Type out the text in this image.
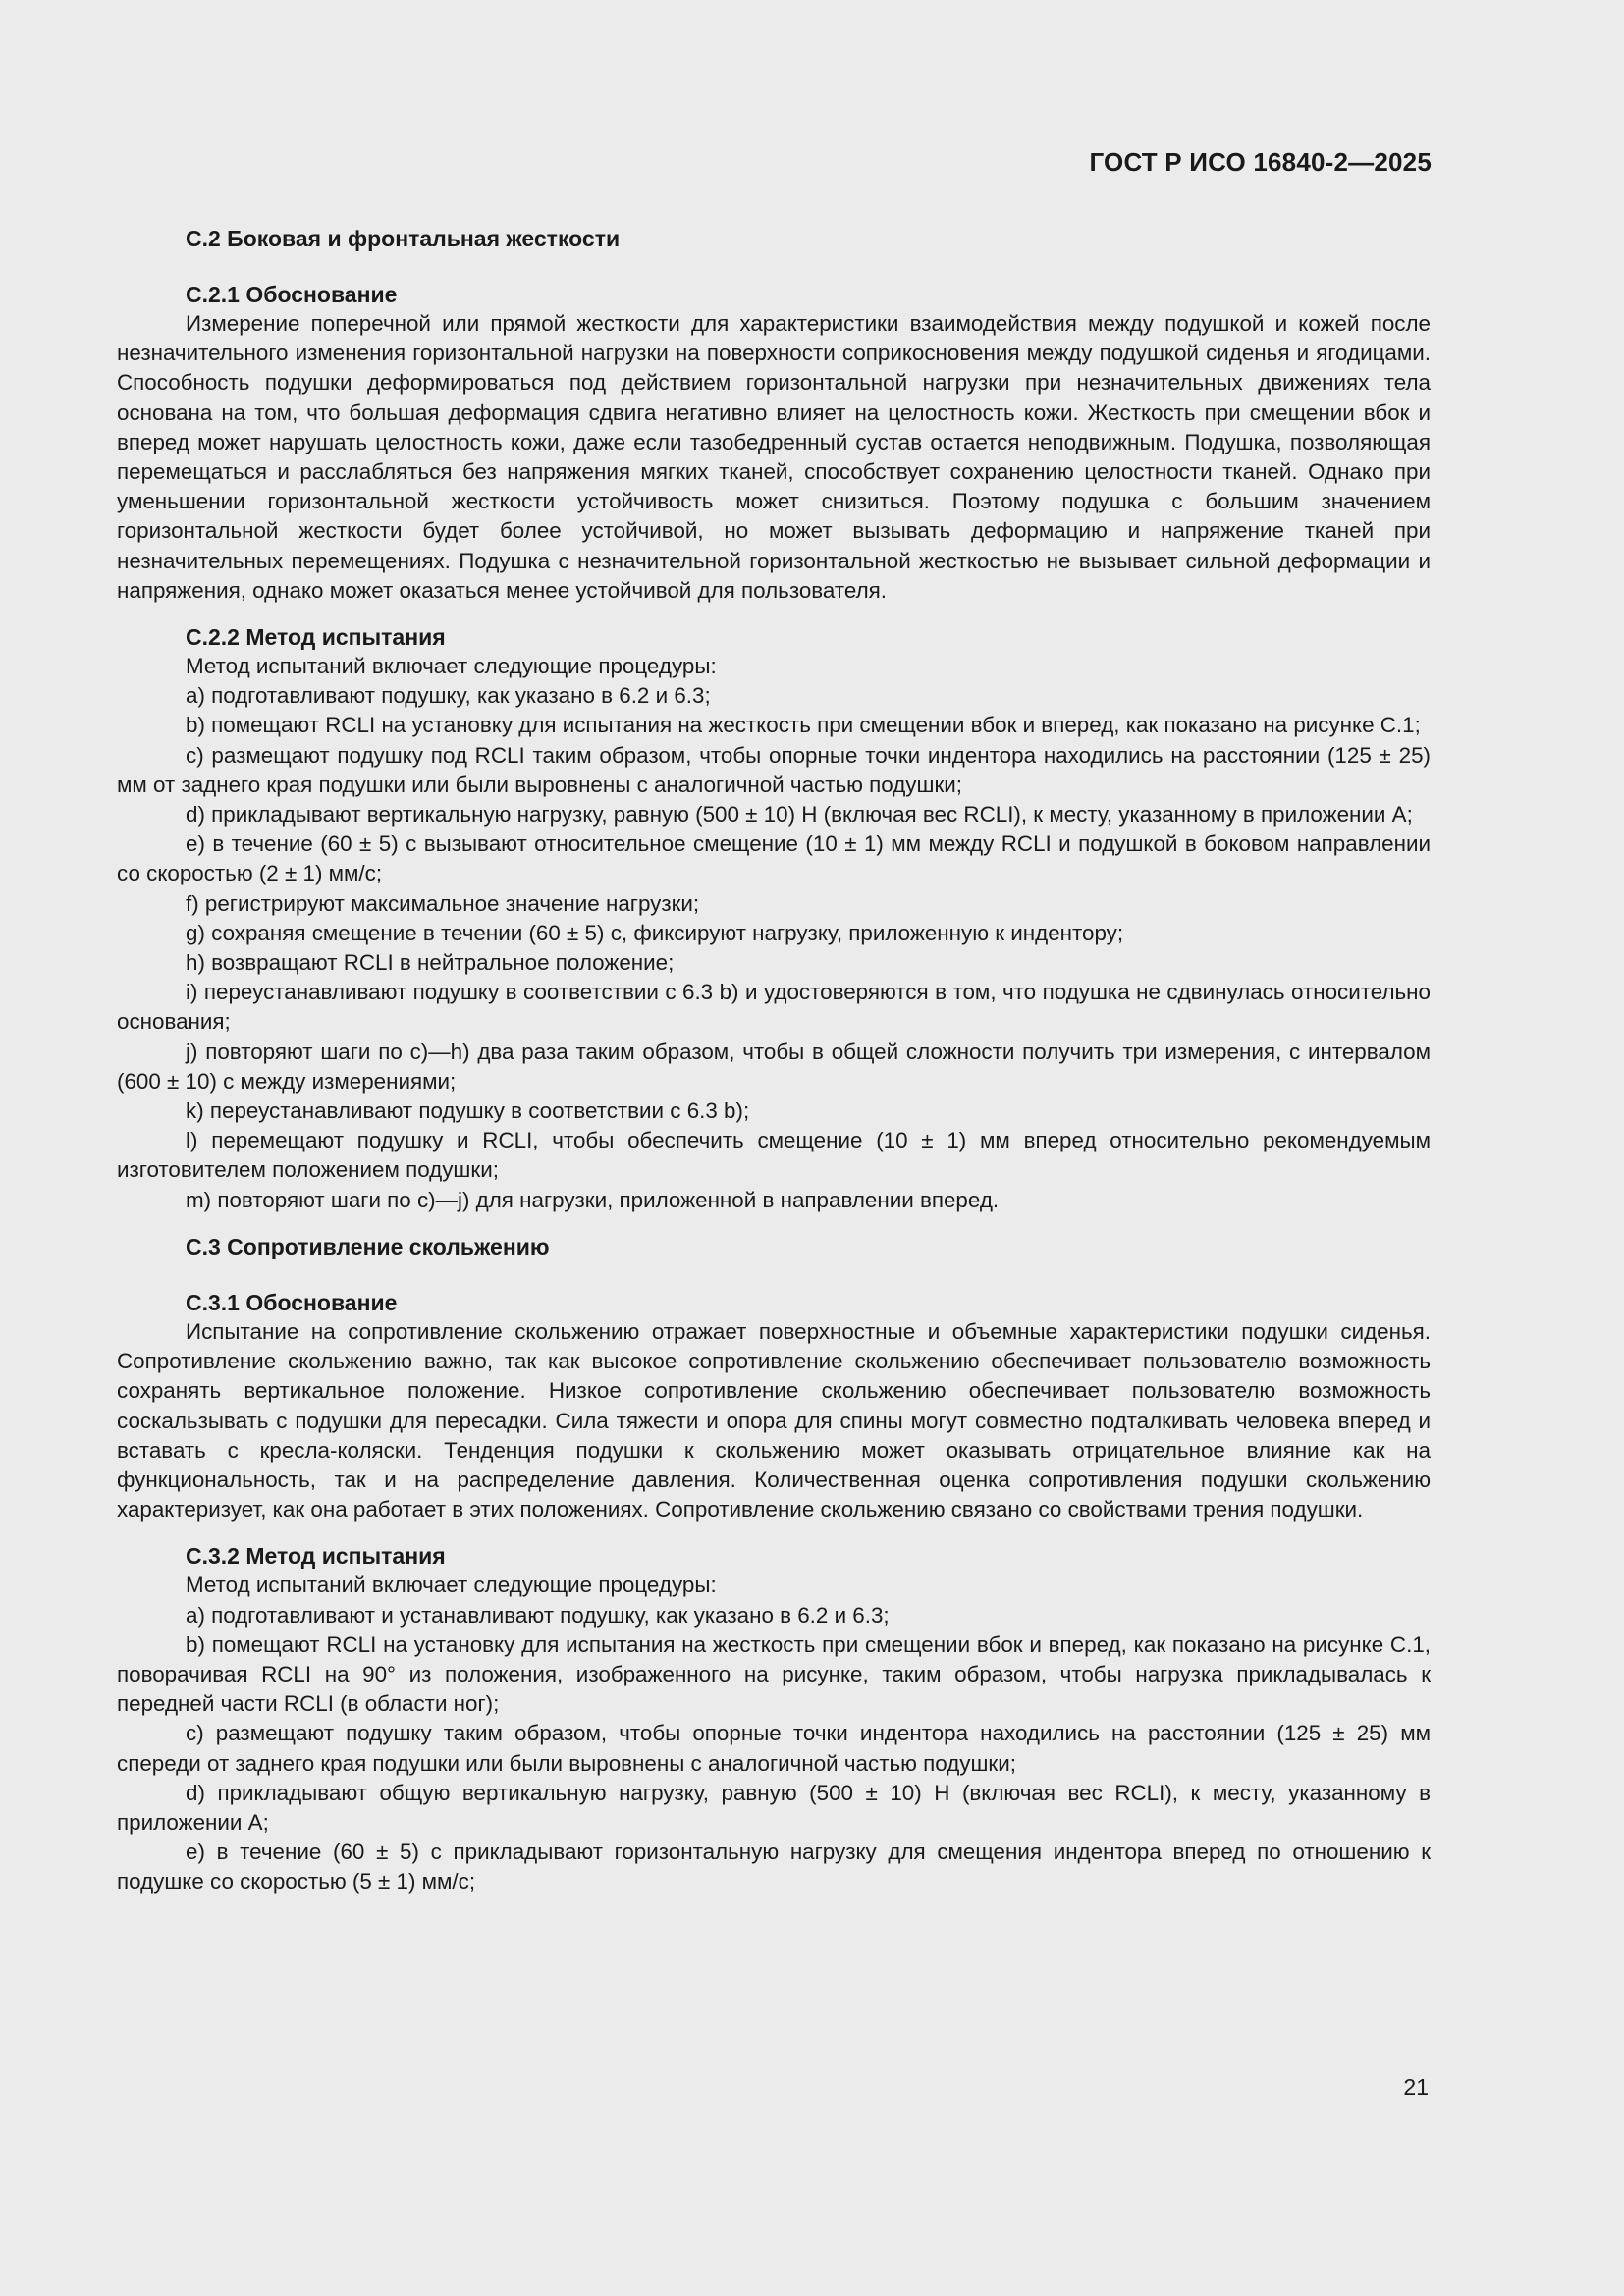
ГОСТ Р ИСО 16840-2—2025
С.2 Боковая и фронтальная жесткости
С.2.1 Обоснование

Измерение поперечной или прямой жесткости для характеристики взаимодействия между подушкой и кожей после незначительного изменения горизонтальной нагрузки на поверхности соприкосновения между подушкой сиденья и ягодицами. Способность подушки деформироваться под действием горизонтальной нагрузки при незначительных движениях тела основана на том, что большая деформация сдвига негативно влияет на целостность кожи. Жесткость при смещении вбок и вперед может нарушать целостность кожи, даже если тазобедренный сустав остается неподвижным. Подушка, позволяющая перемещаться и расслабляться без напряжения мягких тканей, способствует сохранению целостности тканей. Однако при уменьшении горизонтальной жесткости устойчивость может снизиться. Поэтому подушка с большим значением горизонтальной жесткости будет более устойчивой, но может вызывать деформацию и напряжение тканей при незначительных перемещениях. Подушка с незначительной горизонтальной жесткостью не вызывает сильной деформации и напряжения, однако может оказаться менее устойчивой для пользователя.

С.2.2 Метод испытания

Метод испытаний включает следующие процедуры:

a) подготавливают подушку, как указано в 6.2 и 6.3;

b) помещают RCLI на установку для испытания на жесткость при смещении вбок и вперед, как показано на рисунке С.1;

c) размещают подушку под RCLI таким образом, чтобы опорные точки индентора находились на расстоянии (125 ± 25) мм от заднего края подушки или были выровнены с аналогичной частью подушки;

d) прикладывают вертикальную нагрузку, равную (500 ± 10) Н (включая вес RCLI), к месту, указанному в приложении А;

e) в течение (60 ± 5) с вызывают относительное смещение (10 ± 1) мм между RCLI и подушкой в боковом направлении со скоростью (2 ± 1) мм/с;

f) регистрируют максимальное значение нагрузки;

g) сохраняя смещение в течении (60 ± 5) с, фиксируют нагрузку, приложенную к индентору;

h) возвращают RCLI в нейтральное положение;

i) переустанавливают подушку в соответствии с 6.3 b) и удостоверяются в том, что подушка не сдвинулась относительно основания;

j) повторяют шаги по c)—h) два раза таким образом, чтобы в общей сложности получить три измерения, с интервалом (600 ± 10) с между измерениями;

k) переустанавливают подушку в соответствии с 6.3 b);

l) перемещают подушку и RCLI, чтобы обеспечить смещение (10 ± 1) мм вперед относительно рекомендуемым изготовителем положением подушки;

m) повторяют шаги по c)—j) для нагрузки, приложенной в направлении вперед.

С.3 Сопротивление скольжению
С.3.1 Обоснование

Испытание на сопротивление скольжению отражает поверхностные и объемные характеристики подушки сиденья. Сопротивление скольжению важно, так как высокое сопротивление скольжению обеспечивает пользователю возможность сохранять вертикальное положение. Низкое сопротивление скольжению обеспечивает пользователю возможность соскальзывать с подушки для пересадки. Сила тяжести и опора для спины могут совместно подталкивать человека вперед и вставать с кресла-коляски. Тенденция подушки к скольжению может оказывать отрицательное влияние как на функциональность, так и на распределение давления. Количественная оценка сопротивления подушки скольжению характеризует, как она работает в этих положениях. Сопротивление скольжению связано со свойствами трения подушки.

С.3.2 Метод испытания

Метод испытаний включает следующие процедуры:

a) подготавливают и устанавливают подушку, как указано в 6.2 и 6.3;

b) помещают RCLI на установку для испытания на жесткость при смещении вбок и вперед, как показано на рисунке С.1, поворачивая RCLI на 90° из положения, изображенного на рисунке, таким образом, чтобы нагрузка прикладывалась к передней части RCLI (в области ног);

c) размещают подушку таким образом, чтобы опорные точки индентора находились на расстоянии (125 ± 25) мм спереди от заднего края подушки или были выровнены с аналогичной частью подушки;

d) прикладывают общую вертикальную нагрузку, равную (500 ± 10) Н (включая вес RCLI), к месту, указанному в приложении А;

e) в течение (60 ± 5) с прикладывают горизонтальную нагрузку для смещения индентора вперед по отношению к подушке со скоростью (5 ± 1) мм/с;

21
